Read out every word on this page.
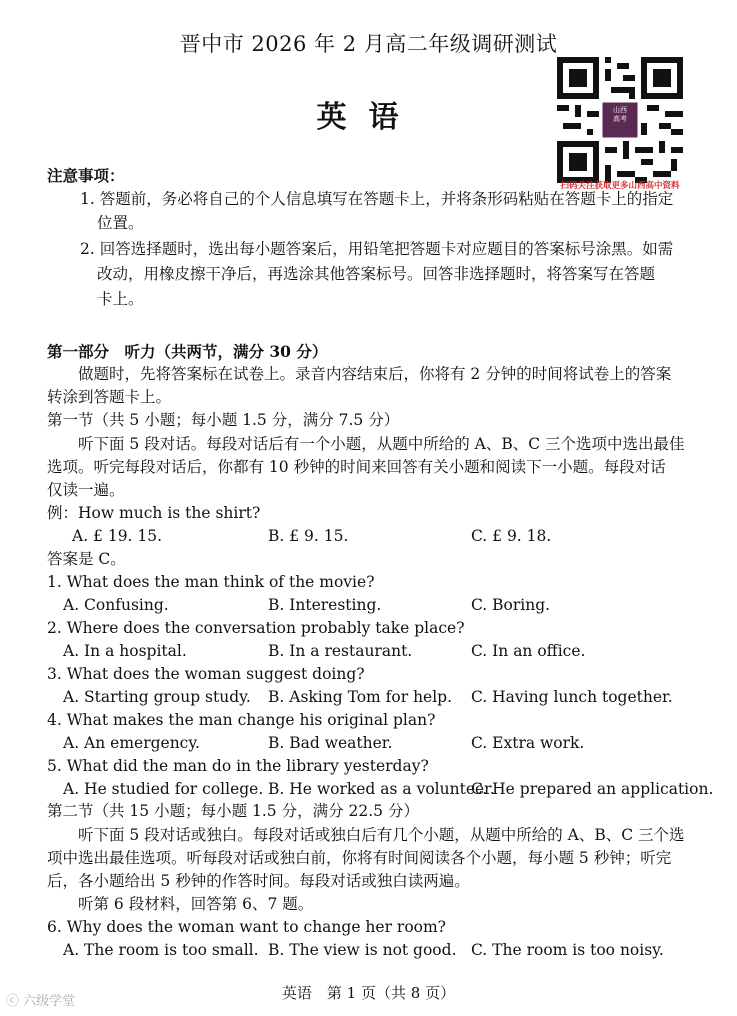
晋中市 2026 年 2 月高二年级调研测试
英语	山西
高考
扫码关注获取更多山西高中资料
注意事项：
1. 答题前，务必将自己的个人信息填写在答题卡上，并将条形码粘贴在答题卡上的指定
位置。
2. 回答选择题时，选出每小题答案后，用铅笔把答题卡对应题目的答案标号涂黑。如需
改动，用橡皮擦干净后，再选涂其他答案标号。回答非选择题时，将答案写在答题
卡上。
第一部分　听力（共两节，满分 30 分）
做题时，先将答案标在试卷上。录音内容结束后，你将有 2 分钟的时间将试卷上的答案
转涂到答题卡上。
第一节（共 5 小题；每小题 1.5 分，满分 7.5 分）
听下面 5 段对话。每段对话后有一个小题，从题中所给的 A、B、C 三个选项中选出最佳
选项。听完每段对话后，你都有 10 秒钟的时间来回答有关小题和阅读下一小题。每段对话
仅读一遍。
例：How much is the shirt?
A. £ 19. 15.	B. £ 9. 15.	C. £ 9. 18.
答案是 C。
1. What does the man think of the movie?
A. Confusing.	B. Interesting.	C. Boring.
2. Where does the conversation probably take place?
A. In a hospital.	B. In a restaurant.	C. In an office.
3. What does the woman suggest doing?
A. Starting group study. B. Asking Tom for help. C. Having lunch together.
4. What makes the man change his original plan?
A. An emergency.	B. Bad weather.	C. Extra work.
5. What did the man do in the library yesterday?
A. He studied for college. B. He worked as a volunteer.
C. He prepared an application.
第二节（共 15 小题；每小题 1.5 分，满分 22.5 分）
听下面 5 段对话或独白。每段对话或独白后有几个小题，从题中所给的 A、B、C 三个选
项中选出最佳选项。听每段对话或独白前，你将有时间阅读各个小题，每小题 5 秒钟；听完
后，各小题给出 5 秒钟的作答时间。每段对话或独白读两遍。
听第 6 段材料，回答第 6、7 题。
6. Why does the woman want to change her room?
A. The room is too small. B. The view is not good. C. The room is too noisy.
英语　第 1 页（共 8 页）
ⓒ 六级学堂
